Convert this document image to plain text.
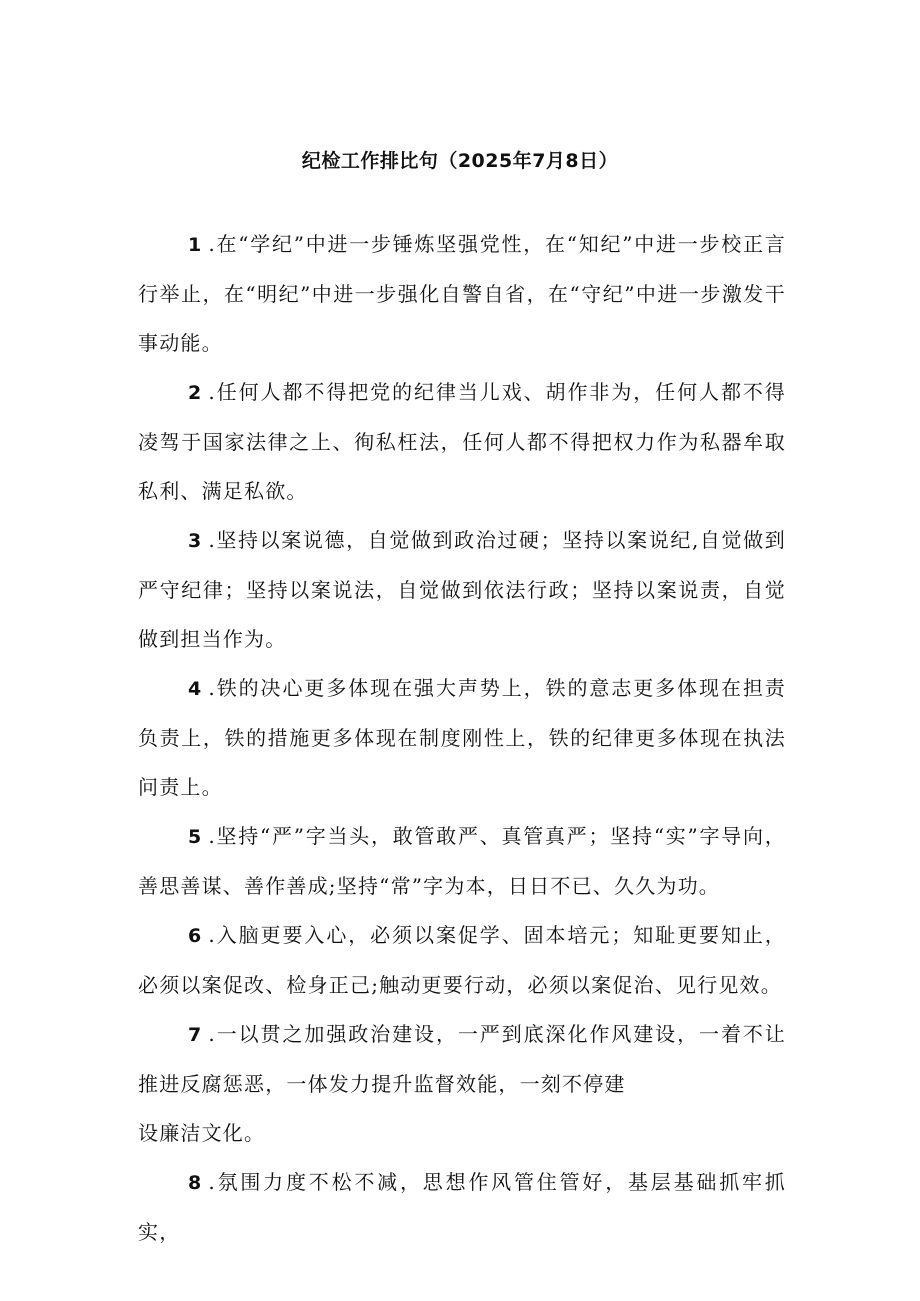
纪检工作排比句（2025年7月8日）

1 .在“学纪”中进一步锤炼坚强党性，在“知纪”中进一步校正言行举止，在“明纪”中进一步强化自警自省，在“守纪”中进一步激发干事动能。

2 .任何人都不得把党的纪律当儿戏、胡作非为，任何人都不得凌驾于国家法律之上、徇私枉法，任何人都不得把权力作为私器牟取私利、满足私欲。

3 .坚持以案说德，自觉做到政治过硬；坚持以案说纪,自觉做到严守纪律；坚持以案说法，自觉做到依法行政；坚持以案说责，自觉做到担当作为。

4 .铁的决心更多体现在强大声势上，铁的意志更多体现在担责负责上，铁的措施更多体现在制度刚性上，铁的纪律更多体现在执法问责上。

5 .坚持“严”字当头，敢管敢严、真管真严；坚持“实”字导向，善思善谋、善作善成;坚持“常”字为本，日日不已、久久为功。

6 .入脑更要入心，必须以案促学、固本培元；知耻更要知止，必须以案促改、检身正己;触动更要行动，必须以案促治、见行见效。

7 .一以贯之加强政治建设，一严到底深化作风建设，一着不让推进反腐惩恶，一体发力提升监督效能，一刻不停建
设廉洁文化。

8 .氛围力度不松不减，思想作风管住管好，基层基础抓牢抓实，
